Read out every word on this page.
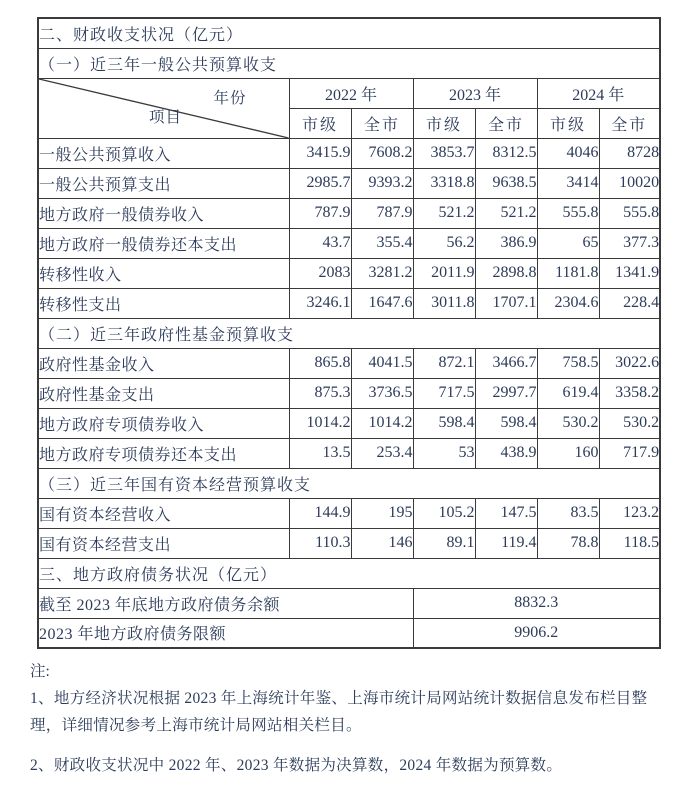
二、财政收支状况（亿元）						
（一）近三年一般公共预算收支						

年份
项目	2022 年		2023 年		2024 年	
	市级	全市	市级	全市	市级	全市
一般公共预算收入	3415.9	7608.2	3853.7	8312.5	4046	8728
一般公共预算支出	2985.7	9393.2	3318.8	9638.5	3414	10020
地方政府一般债券收入	787.9	787.9	521.2	521.2	555.8	555.8
地方政府一般债券还本支出	43.7	355.4	56.2	386.9	65	377.3
转移性收入	2083	3281.2	2011.9	2898.8	1181.8	1341.9
转移性支出	3246.1	1647.6	3011.8	1707.1	2304.6	228.4
（二）近三年政府性基金预算收支						
政府性基金收入	865.8	4041.5	872.1	3466.7	758.5	3022.6
政府性基金支出	875.3	3736.5	717.5	2997.7	619.4	3358.2
地方政府专项债券收入	1014.2	1014.2	598.4	598.4	530.2	530.2
地方政府专项债券还本支出	13.5	253.4	53	438.9	160	717.9
（三）近三年国有资本经营预算收支						
国有资本经营收入	144.9	195	105.2	147.5	83.5	123.2
国有资本经营支出	110.3	146	89.1	119.4	78.8	118.5
三、地方政府债务状况（亿元）						
截至 2023 年底地方政府债务余额			8832.3			
2023 年地方政府债务限额			9906.2			

注:

1、地方经济状况根据 2023 年上海统计年鉴、上海市统计局网站统计数据信息发布栏目整理，详细情况参考上海市统计局网站相关栏目。

2、财政收支状况中 2022 年、2023 年数据为决算数，2024 年数据为预算数。
